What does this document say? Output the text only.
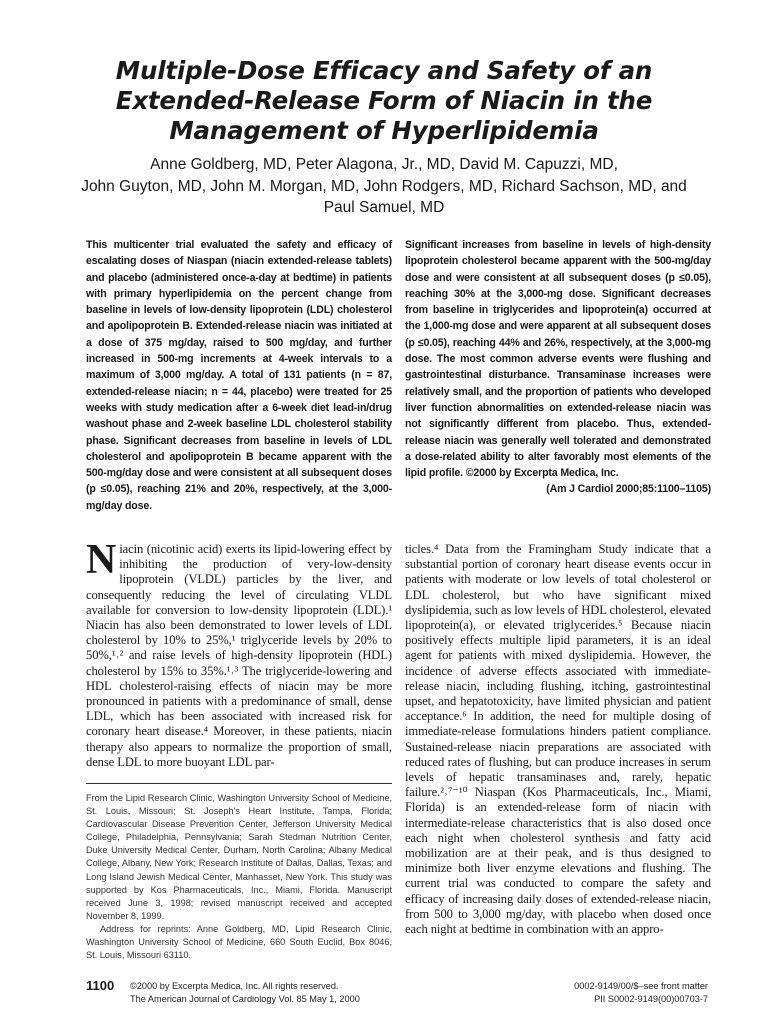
Multiple-Dose Efficacy and Safety of an
Extended-Release Form of Niacin in the
Management of Hyperlipidemia
Anne Goldberg, MD, Peter Alagona, Jr., MD, David M. Capuzzi, MD,
John Guyton, MD, John M. Morgan, MD, John Rodgers, MD, Richard Sachson, MD, and
Paul Samuel, MD
This multicenter trial evaluated the safety and efficacy of escalating doses of Niaspan (niacin extended-release tablets) and placebo (administered once-a-day at bedtime) in patients with primary hyperlipidemia on the percent change from baseline in levels of low-density lipoprotein (LDL) cholesterol and apolipoprotein B. Extended-release niacin was initiated at a dose of 375 mg/day, raised to 500 mg/day, and further increased in 500-mg increments at 4-week intervals to a maximum of 3,000 mg/day. A total of 131 patients (n = 87, extended-release niacin; n = 44, placebo) were treated for 25 weeks with study medication after a 6-week diet lead-in/drug washout phase and 2-week baseline LDL cholesterol stability phase. Significant decreases from baseline in levels of LDL cholesterol and apolipoprotein B became apparent with the 500-mg/day dose and were consistent at all subsequent doses (p ≤0.05), reaching 21% and 20%, respectively, at the 3,000-mg/day dose.
Significant increases from baseline in levels of high-density lipoprotein cholesterol became apparent with the 500-mg/day dose and were consistent at all subsequent doses (p ≤0.05), reaching 30% at the 3,000-mg dose. Significant decreases from baseline in triglycerides and lipoprotein(a) occurred at the 1,000-mg dose and were apparent at all subsequent doses (p ≤0.05), reaching 44% and 26%, respectively, at the 3,000-mg dose. The most common adverse events were flushing and gastrointestinal disturbance. Transaminase increases were relatively small, and the proportion of patients who developed liver function abnormalities on extended-release niacin was not significantly different from placebo. Thus, extended-release niacin was generally well tolerated and demonstrated a dose-related ability to alter favorably most elements of the lipid profile. ©2000 by Excerpta Medica, Inc.
(Am J Cardiol 2000;85:1100–1105)

Niacin (nicotinic acid) exerts its lipid-lowering effect by inhibiting the production of very-low-density lipoprotein (VLDL) particles by the liver, and consequently reducing the level of circulating VLDL available for conversion to low-density lipoprotein (LDL).¹ Niacin has also been demonstrated to lower levels of LDL cholesterol by 10% to 25%,¹ triglyceride levels by 20% to 50%,¹˒² and raise levels of high-density lipoprotein (HDL) cholesterol by 15% to 35%.¹˒³ The triglyceride-lowering and HDL cholesterol-raising effects of niacin may be more pronounced in patients with a predominance of small, dense LDL, which has been associated with increased risk for coronary heart disease.⁴ Moreover, in these patients, niacin therapy also appears to normalize the proportion of small, dense LDL to more buoyant LDL par-

ticles.⁴ Data from the Framingham Study indicate that a substantial portion of coronary heart disease events occur in patients with moderate or low levels of total cholesterol or LDL cholesterol, but who have significant mixed dyslipidemia, such as low levels of HDL cholesterol, elevated lipoprotein(a), or elevated triglycerides.⁵ Because niacin positively effects multiple lipid parameters, it is an ideal agent for patients with mixed dyslipidemia. However, the incidence of adverse effects associated with immediate-release niacin, including flushing, itching, gastrointestinal upset, and hepatotoxicity, have limited physician and patient acceptance.⁶ In addition, the need for multiple dosing of immediate-release formulations hinders patient compliance. Sustained-release niacin preparations are associated with reduced rates of flushing, but can produce increases in serum levels of hepatic transaminases and, rarely, hepatic failure.²˒⁷⁻¹⁰ Niaspan (Kos Pharmaceuticals, Inc., Miami, Florida) is an extended-release form of niacin with intermediate-release characteristics that is also dosed once each night when cholesterol synthesis and fatty acid mobilization are at their peak, and is thus designed to minimize both liver enzyme elevations and flushing. The current trial was conducted to compare the safety and efficacy of increasing daily doses of extended-release niacin, from 500 to 3,000 mg/day, with placebo when dosed once each night at bedtime in combination with an appro-

From the Lipid Research Clinic, Washington University School of Medicine, St. Louis, Missouri; St. Joseph's Heart Institute, Tampa, Florida; Cardiovascular Disease Prevention Center, Jefferson University Medical College, Philadelphia, Pennsylvania; Sarah Stedman Nutrition Center, Duke University Medical Center, Durham, North Carolina; Albany Medical College, Albany, New York; Research Institute of Dallas, Dallas, Texas; and Long Island Jewish Medical Center, Manhasset, New York. This study was supported by Kos Pharmaceuticals, Inc., Miami, Florida. Manuscript received June 3, 1998; revised manuscript received and accepted November 8, 1999.

Address for reprints: Anne Goldberg, MD, Lipid Research Clinic, Washington University School of Medicine, 660 South Euclid, Box 8046, St. Louis, Missouri 63110.

1100 ©2000 by Excerpta Medica, Inc. All rights reserved.
The American Journal of Cardiology Vol. 85 May 1, 2000
0002-9149/00/$–see front matter
PII S0002-9149(00)00703-7
